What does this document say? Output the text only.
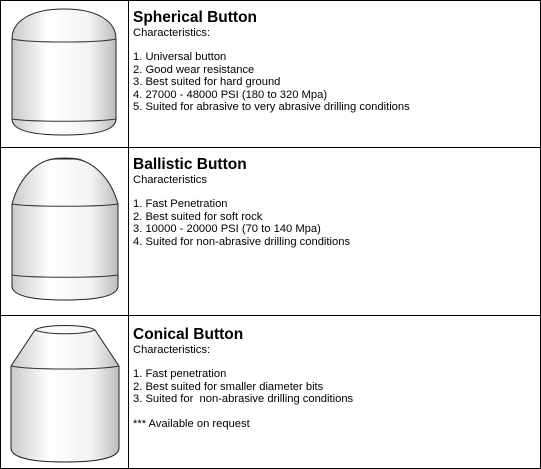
Spherical Button
Characteristics:
1. Universal button
2. Good wear resistance
3. Best suited for hard ground
4. 27000 - 48000 PSI (180 to 320 Mpa)
5. Suited for abrasive to very abrasive drilling conditions
Ballistic Button
Characteristics
1. Fast Penetration
2. Best suited for soft rock
3. 10000 - 20000 PSI (70 to 140 Mpa)
4. Suited for non-abrasive drilling conditions
Conical Button
Characteristics:
1. Fast penetration
2. Best suited for smaller diameter bits
3. Suited for  non-abrasive drilling conditions
*** Available on request
